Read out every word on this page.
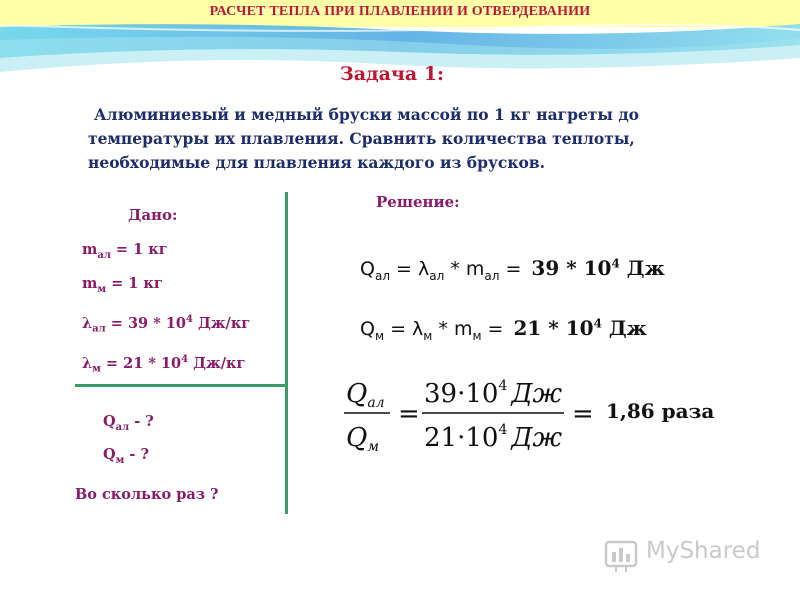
РАСЧЕТ ТЕПЛА ПРИ ПЛАВЛЕНИИ И ОТВЕРДЕВАНИИ
Задача 1:
Алюминиевый и медный бруски массой по 1 кг нагреты до
температуры их плавления. Сравнить количества теплоты,
необходимые для плавления каждого из брусков.
Дано:
$m_{ал} = 1$ кг
$m_м = 1$ кг
$\lambda_{ал} = 39 * 10^4$ Дж/кг
$\lambda_м = 21 * 10^4$ Дж/кг
$Q_{ал}$ - ?
$Q_м$ - ?
Во сколько раз ?
Решение:
$Q_{ал} = \lambda_{ал} * m_{ал} = 39 * 10^4$ Дж
$Q_м = \lambda_м * m_м = 21 * 10^4$ Дж
Qал
Qм
=
$39\cdot 10^4$ Дж
$21\cdot 10^4$ Дж
= 1,86 раза
MyShared
